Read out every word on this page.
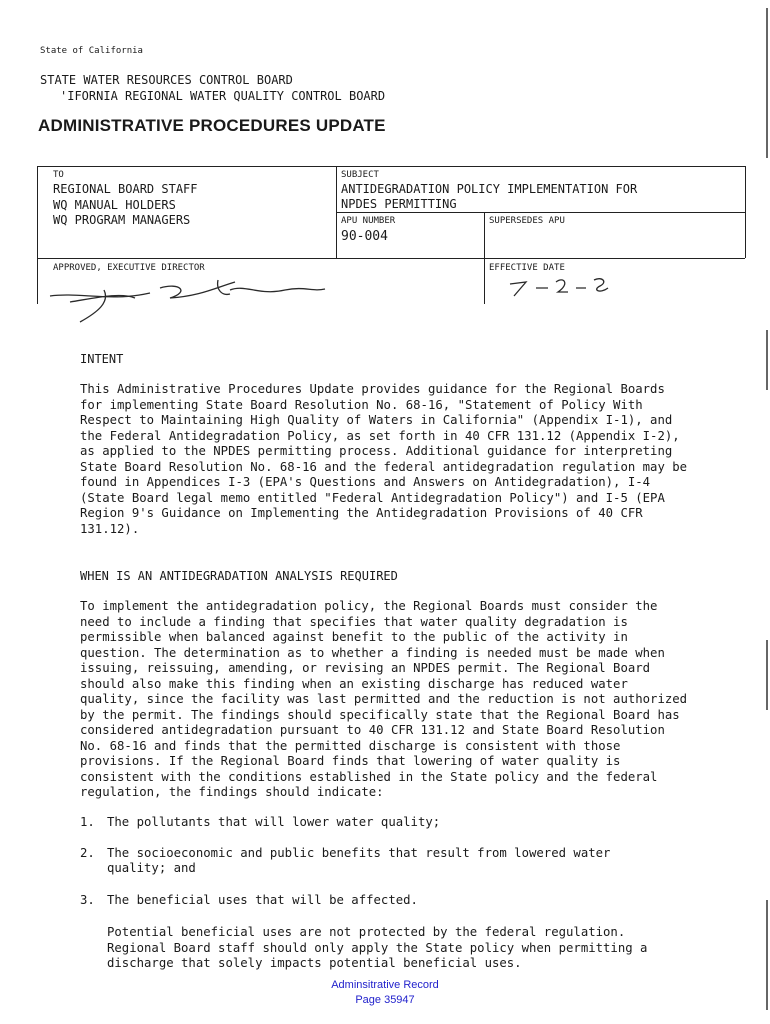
State of California
STATE WATER RESOURCES CONTROL BOARD
'IFORNIA REGIONAL WATER QUALITY CONTROL BOARD
ADMINISTRATIVE PROCEDURES UPDATE
TO
REGIONAL BOARD STAFF
WQ MANUAL HOLDERS
WQ PROGRAM MANAGERS
SUBJECT
ANTIDEGRADATION POLICY IMPLEMENTATION FOR
NPDES PERMITTING
APU NUMBER
90-004
SUPERSEDES APU
APPROVED, EXECUTIVE DIRECTOR	EFFECTIVE DATE
INTENT
This Administrative Procedures Update provides guidance for the Regional Boards
for implementing State Board Resolution No. 68-16, "Statement of Policy With
Respect to Maintaining High Quality of Waters in California" (Appendix I-1), and
the Federal Antidegradation Policy, as set forth in 40 CFR 131.12 (Appendix I-2),
as applied to the NPDES permitting process. Additional guidance for interpreting
State Board Resolution No. 68-16 and the federal antidegradation regulation may be
found in Appendices I-3 (EPA's Questions and Answers on Antidegradation), I-4
(State Board legal memo entitled "Federal Antidegradation Policy") and I-5 (EPA
Region 9's Guidance on Implementing the Antidegradation Provisions of 40 CFR
131.12).
WHEN IS AN ANTIDEGRADATION ANALYSIS REQUIRED
To implement the antidegradation policy, the Regional Boards must consider the
need to include a finding that specifies that water quality degradation is
permissible when balanced against benefit to the public of the activity in
question. The determination as to whether a finding is needed must be made when
issuing, reissuing, amending, or revising an NPDES permit. The Regional Board
should also make this finding when an existing discharge has reduced water
quality, since the facility was last permitted and the reduction is not authorized
by the permit. The findings should specifically state that the Regional Board has
considered antidegradation pursuant to 40 CFR 131.12 and State Board Resolution
No. 68-16 and finds that the permitted discharge is consistent with those
provisions. If the Regional Board finds that lowering of water quality is
consistent with the conditions established in the State policy and the federal
regulation, the findings should indicate:
1. The pollutants that will lower water quality;
2. The socioeconomic and public benefits that result from lowered water
quality; and
3. The beneficial uses that will be affected.
Potential beneficial uses are not protected by the federal regulation.
Regional Board staff should only apply the State policy when permitting a
discharge that solely impacts potential beneficial uses.
Adminsitrative Record
Page 35947
